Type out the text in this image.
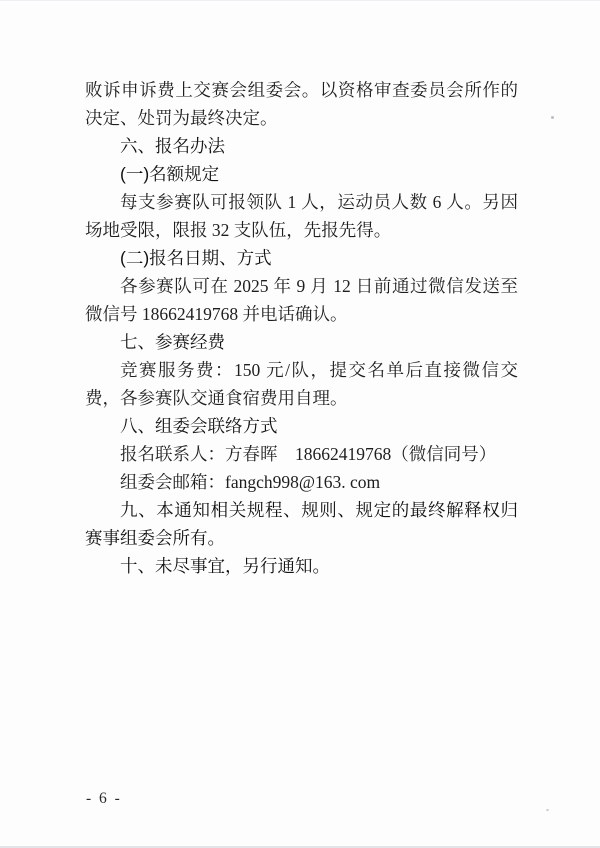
败诉申诉费上交赛会组委会。以资格审查委员会所作的决定、处罚为最终决定。

六、报名办法
(一)名额规定

每支参赛队可报领队 1 人，运动员人数 6 人。另因场地受限，限报 32 支队伍，先报先得。

(二)报名日期、方式

各参赛队可在 2025 年 9 月 12 日前通过微信发送至微信号 18662419768 并电话确认。

七、参赛经费

竞赛服务费：150 元/队，提交名单后直接微信交费，各参赛队交通食宿费用自理。

八、组委会联络方式

报名联系人：方春晖　18662419768（微信同号）

组委会邮箱：fangch998@163. com

九、本通知相关规程、规则、规定的最终解释权归赛事组委会所有。

十、未尽事宜，另行通知。

- 6 -
